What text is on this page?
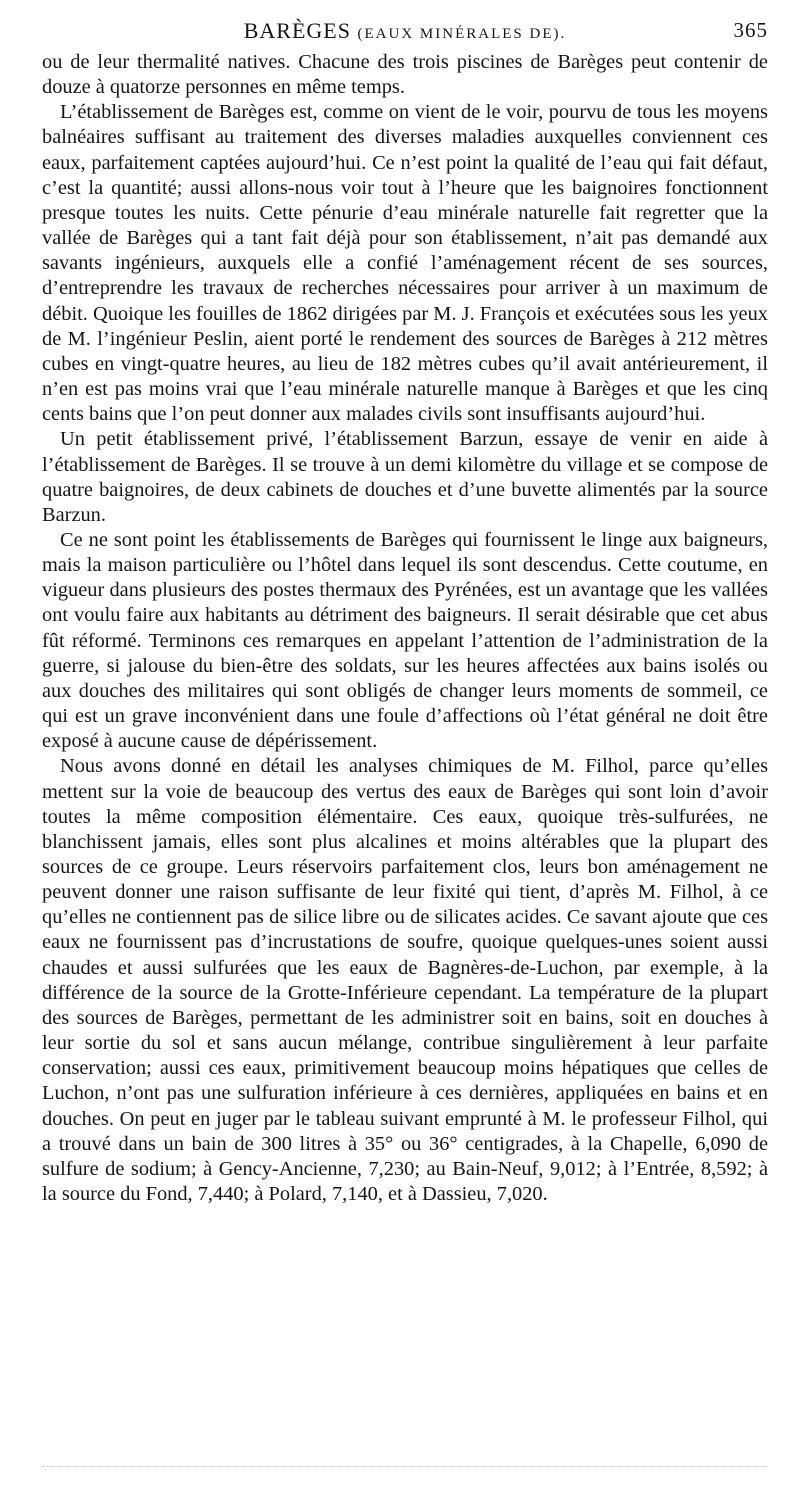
BARÈGES (EAUX MINÉRALES DE).	365

ou de leur thermalité natives. Chacune des trois piscines de Barèges peut contenir de douze à quatorze personnes en même temps.

L’établissement de Barèges est, comme on vient de le voir, pourvu de tous les moyens balnéaires suffisant au traitement des diverses maladies auxquelles conviennent ces eaux, parfaitement captées aujourd’hui. Ce n’est point la qualité de l’eau qui fait défaut, c’est la quantité; aussi allons-nous voir tout à l’heure que les baignoires fonctionnent presque toutes les nuits. Cette pénurie d’eau minérale naturelle fait regretter que la vallée de Barèges qui a tant fait déjà pour son établissement, n’ait pas demandé aux savants ingénieurs, auxquels elle a confié l’aménagement récent de ses sources, d’entreprendre les travaux de recherches nécessaires pour arriver à un maximum de débit. Quoique les fouilles de 1862 dirigées par M. J. François et exécutées sous les yeux de M. l’ingénieur Peslin, aient porté le rendement des sources de Barèges à 212 mètres cubes en vingt-quatre heures, au lieu de 182 mètres cubes qu’il avait antérieurement, il n’en est pas moins vrai que l’eau minérale naturelle manque à Barèges et que les cinq cents bains que l’on peut donner aux malades civils sont insuffisants aujourd’hui.

Un petit établissement privé, l’établissement Barzun, essaye de venir en aide à l’établissement de Barèges. Il se trouve à un demi kilomètre du village et se compose de quatre baignoires, de deux cabinets de douches et d’une buvette alimentés par la source Barzun.

Ce ne sont point les établissements de Barèges qui fournissent le linge aux baigneurs, mais la maison particulière ou l’hôtel dans lequel ils sont descendus. Cette coutume, en vigueur dans plusieurs des postes thermaux des Pyrénées, est un avantage que les vallées ont voulu faire aux habitants au détriment des baigneurs. Il serait désirable que cet abus fût réformé. Terminons ces remarques en appelant l’attention de l’administration de la guerre, si jalouse du bien-être des soldats, sur les heures affectées aux bains isolés ou aux douches des militaires qui sont obligés de changer leurs moments de sommeil, ce qui est un grave inconvénient dans une foule d’affections où l’état général ne doit être exposé à aucune cause de dépérissement.

Nous avons donné en détail les analyses chimiques de M. Filhol, parce qu’elles mettent sur la voie de beaucoup des vertus des eaux de Barèges qui sont loin d’avoir toutes la même composition élémentaire. Ces eaux, quoique très-sulfurées, ne blanchissent jamais, elles sont plus alcalines et moins altérables que la plupart des sources de ce groupe. Leurs réservoirs parfaitement clos, leurs bon aménagement ne peuvent donner une raison suffisante de leur fixité qui tient, d’après M. Filhol, à ce qu’elles ne contiennent pas de silice libre ou de silicates acides. Ce savant ajoute que ces eaux ne fournissent pas d’incrustations de soufre, quoique quelques-unes soient aussi chaudes et aussi sulfurées que les eaux de Bagnères-de-Luchon, par exemple, à la différence de la source de la Grotte-Inférieure cependant. La température de la plupart des sources de Barèges, permettant de les administrer soit en bains, soit en douches à leur sortie du sol et sans aucun mélange, contribue singulièrement à leur parfaite conservation; aussi ces eaux, primitivement beaucoup moins hépatiques que celles de Luchon, n’ont pas une sulfuration inférieure à ces dernières, appliquées en bains et en douches. On peut en juger par le tableau suivant emprunté à M. le professeur Filhol, qui a trouvé dans un bain de 300 litres à 35° ou 36° centigrades, à la Chapelle, 6,090 de sulfure de sodium; à Gency-Ancienne, 7,230; au Bain-Neuf, 9,012; à l’Entrée, 8,592; à la source du Fond, 7,440; à Polard, 7,140, et à Dassieu, 7,020.
